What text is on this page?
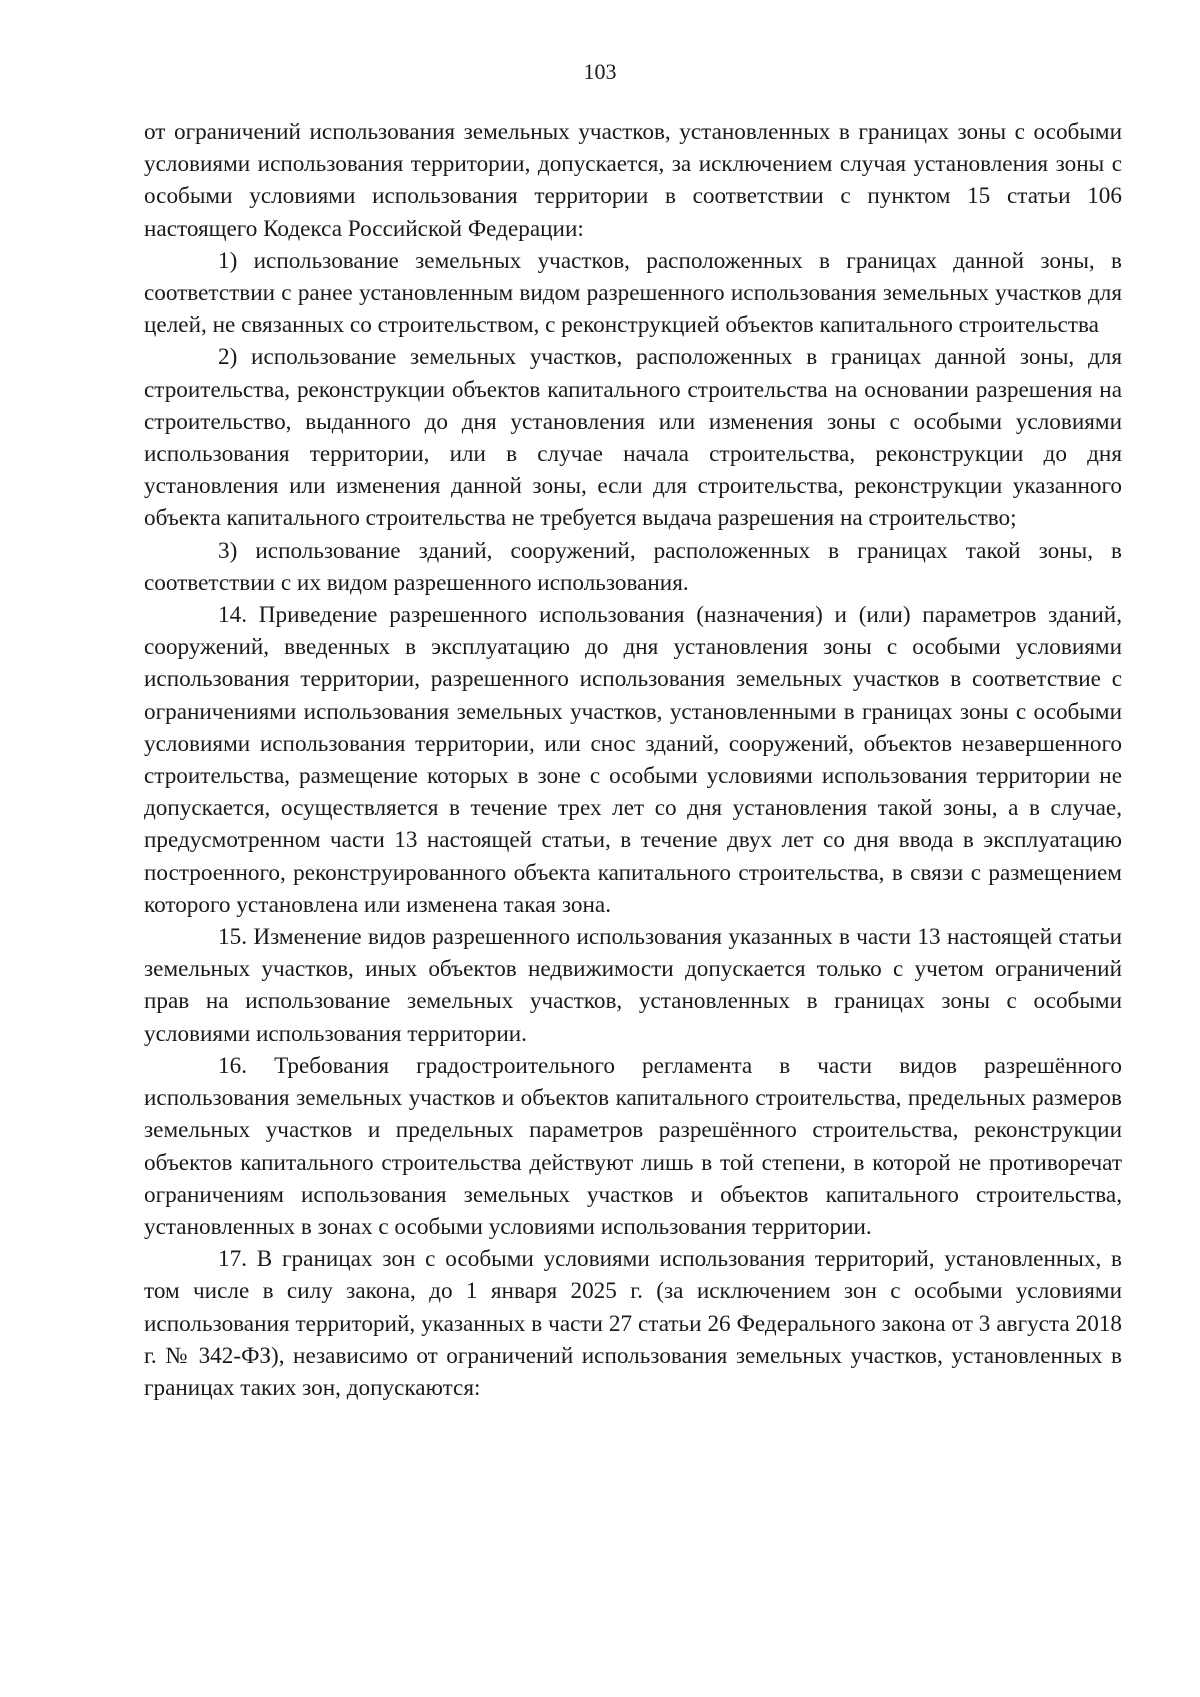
103

от ограничений использования земельных участков, установленных в границах зоны с особыми условиями использования территории, допускается, за исключением случая установления зоны с особыми условиями использования территории в соответствии с пунктом 15 статьи 106 настоящего Кодекса Российской Федерации:

1) использование земельных участков, расположенных в границах данной зоны, в соответствии с ранее установленным видом разрешенного использования земельных участков для целей, не связанных со строительством, с реконструкцией объектов капитального строительства

2) использование земельных участков, расположенных в границах данной зоны, для строительства, реконструкции объектов капитального строительства на основании разрешения на строительство, выданного до дня установления или изменения зоны с особыми условиями использования территории, или в случае начала строительства, реконструкции до дня установления или изменения данной зоны, если для строительства, реконструкции указанного объекта капитального строительства не требуется выдача разрешения на строительство;

3) использование зданий, сооружений, расположенных в границах такой зоны, в соответствии с их видом разрешенного использования.

14. Приведение разрешенного использования (назначения) и (или) параметров зданий, сооружений, введенных в эксплуатацию до дня установления зоны с особыми условиями использования территории, разрешенного использования земельных участков в соответствие с ограничениями использования земельных участков, установленными в границах зоны с особыми условиями использования территории, или снос зданий, сооружений, объектов незавершенного строительства, размещение которых в зоне с особыми условиями использования территории не допускается, осуществляется в течение трех лет со дня установления такой зоны, а в случае, предусмотренном части 13 настоящей статьи, в течение двух лет со дня ввода в эксплуатацию построенного, реконструированного объекта капитального строительства, в связи с размещением которого установлена или изменена такая зона.

15. Изменение видов разрешенного использования указанных в части 13 настоящей статьи земельных участков, иных объектов недвижимости допускается только с учетом ограничений прав на использование земельных участков, установленных в границах зоны с особыми условиями использования территории.

16. Требования градостроительного регламента в части видов разрешённого использования земельных участков и объектов капитального строительства, предельных размеров земельных участков и предельных параметров разрешённого строительства, реконструкции объектов капитального строительства действуют лишь в той степени, в которой не противоречат ограничениям использования земельных участков и объектов капитального строительства, установленных в зонах с особыми условиями использования территории.

17. В границах зон с особыми условиями использования территорий, установленных, в том числе в силу закона, до 1 января 2025 г. (за исключением зон с особыми условиями использования территорий, указанных в части 27 статьи 26 Федерального закона от 3 августа 2018 г. № 342-ФЗ), независимо от ограничений использования земельных участков, установленных в границах таких зон, допускаются:
